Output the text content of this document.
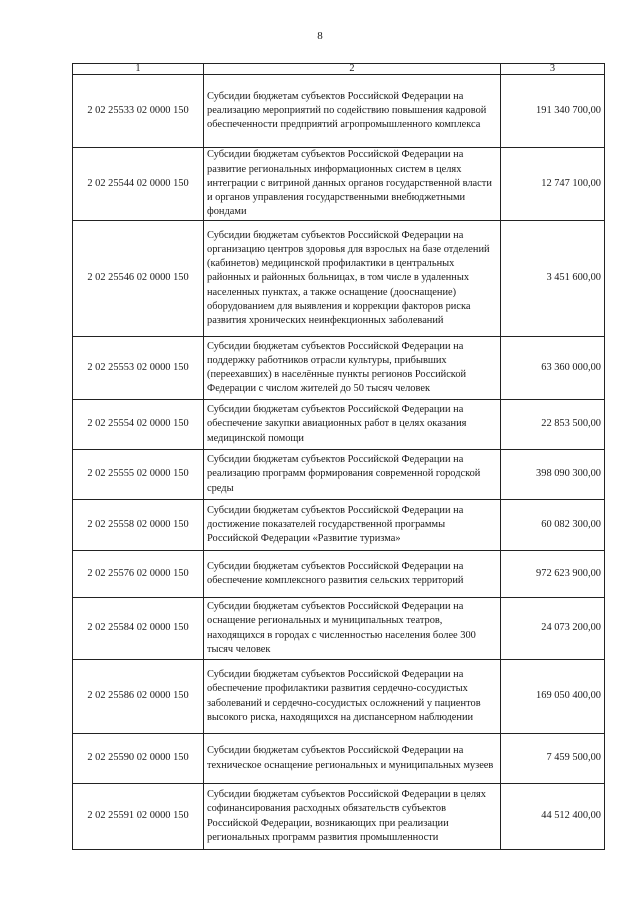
8
1	2	3
2 02 25533 02 0000 150	Субсидии бюджетам субъектов Российской Федерации на реализацию мероприятий по содействию повышения кадровой обеспеченности предприятий агропромышленного комплекса	191 340 700,00
2 02 25544 02 0000 150	Субсидии бюджетам субъектов Российской Федерации на развитие региональных информационных систем в целях интеграции с витриной данных органов государственной власти и органов управления государственными внебюджетными фондами	12 747 100,00
2 02 25546 02 0000 150	Субсидии бюджетам субъектов Российской Федерации на организацию центров здоровья для взрослых на базе отделений (кабинетов) медицинской профилактики в центральных районных и районных больницах, в том числе в удаленных населенных пунктах, а также оснащение (дооснащение) оборудованием для выявления и коррекции факторов риска развития хронических неинфекционных заболеваний	3 451 600,00
2 02 25553 02 0000 150	Субсидии бюджетам субъектов Российской Федерации на поддержку работников отрасли культуры, прибывших (переехавших) в населённые пункты регионов Российской Федерации с числом жителей до 50 тысяч человек	63 360 000,00
2 02 25554 02 0000 150	Субсидии бюджетам субъектов Российской Федерации на обеспечение закупки авиационных работ в целях оказания медицинской помощи	22 853 500,00
2 02 25555 02 0000 150	Субсидии бюджетам субъектов Российской Федерации на реализацию программ формирования современной городской среды	398 090 300,00
2 02 25558 02 0000 150	Субсидии бюджетам субъектов Российской Федерации на достижение показателей государственной программы Российской Федерации «Развитие туризма»	60 082 300,00
2 02 25576 02 0000 150	Субсидии бюджетам субъектов Российской Федерации на обеспечение комплексного развития сельских территорий	972 623 900,00
2 02 25584 02 0000 150	Субсидии бюджетам субъектов Российской Федерации на оснащение региональных и муниципальных театров, находящихся в городах с численностью населения более 300 тысяч человек	24 073 200,00
2 02 25586 02 0000 150	Субсидии бюджетам субъектов Российской Федерации на обеспечение профилактики развития сердечно-сосудистых заболеваний и сердечно-сосудистых осложнений у пациентов высокого риска, находящихся на диспансерном наблюдении	169 050 400,00
2 02 25590 02 0000 150	Субсидии бюджетам субъектов Российской Федерации на техническое оснащение региональных и муниципальных музеев	7 459 500,00
2 02 25591 02 0000 150	Субсидии бюджетам субъектов Российской Федерации в целях софинансирования расходных обязательств субъектов Российской Федерации, возникающих при реализации региональных программ развития промышленности	44 512 400,00
